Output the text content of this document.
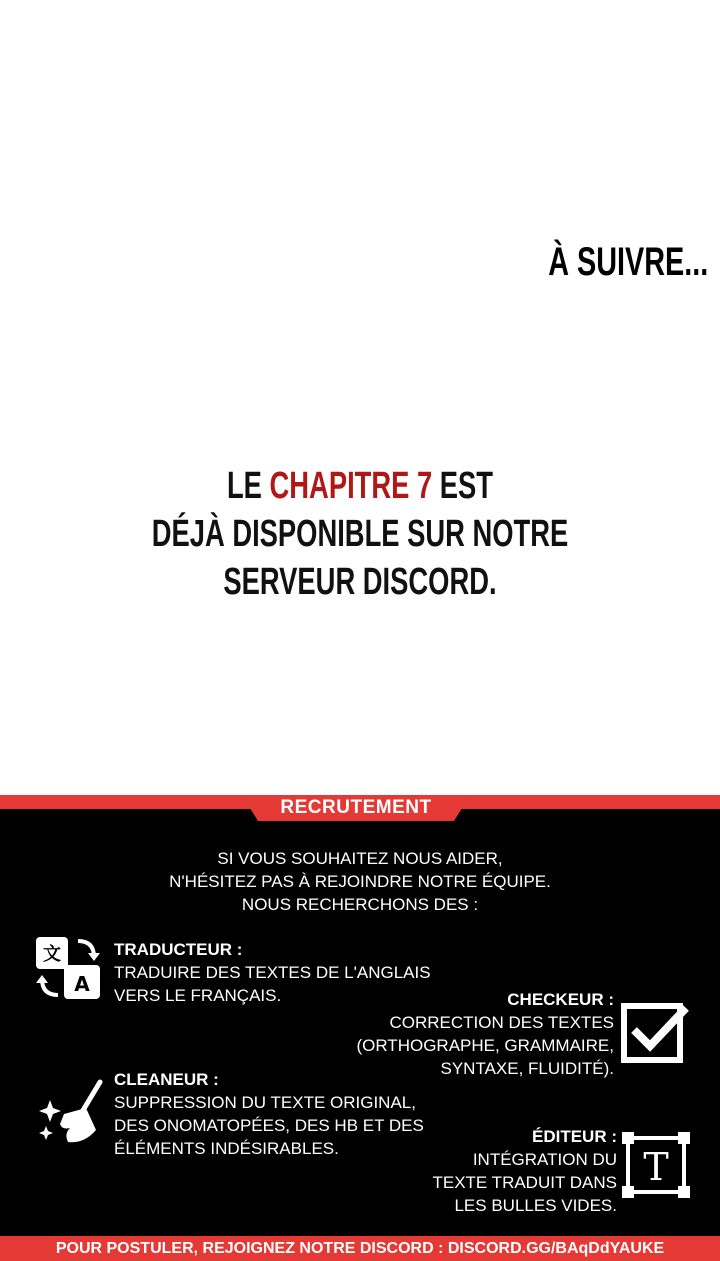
À SUIVRE...
LE CHAPITRE 7 EST
DÉJÀ DISPONIBLE SUR NOTRE
SERVEUR DISCORD.
RECRUTEMENT
SI VOUS SOUHAITEZ NOUS AIDER,
N'HÉSITEZ PAS À REJOINDRE NOTRE ÉQUIPE.
NOUS RECHERCHONS DES :
文
A
TRADUCTEUR :
TRADUIRE DES TEXTES DE L'ANGLAIS
VERS LE FRANÇAIS.	CHECKEUR :
CORRECTION DES TEXTES
(ORTHOGRAPHE, GRAMMAIRE,
SYNTAXE, FLUIDITÉ).
CLEANEUR :
SUPPRESSION DU TEXTE ORIGINAL,
DES ONOMATOPÉES, DES HB ET DES
ÉLÉMENTS INDÉSIRABLES.
ÉDITEUR :
INTÉGRATION DU
TEXTE TRADUIT DANS
LES BULLES VIDES.
T
POUR POSTULER, REJOIGNEZ NOTRE DISCORD : DISCORD.GG/BAqDdYAUKE
